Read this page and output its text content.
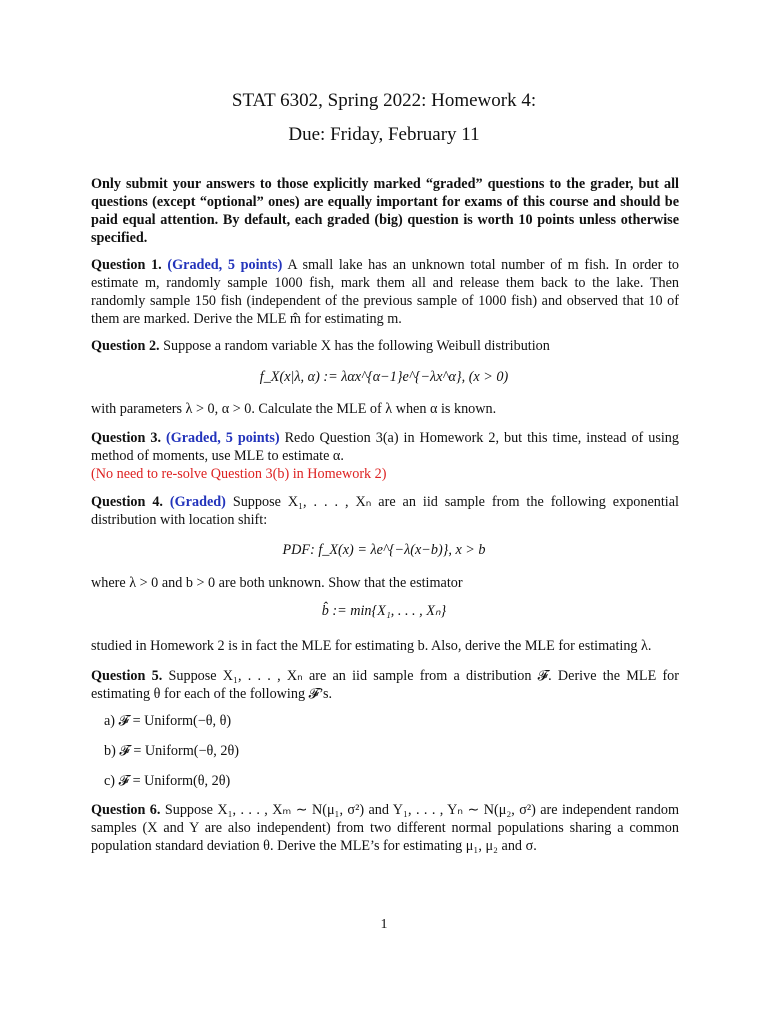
STAT 6302, Spring 2022: Homework 4:
Due: Friday, February 11
Only submit your answers to those explicitly marked “graded” questions to the grader, but all questions (except “optional” ones) are equally important for exams of this course and should be paid equal attention. By default, each graded (big) question is worth 10 points unless otherwise specified.
Question 1. (Graded, 5 points) A small lake has an unknown total number of m fish. In order to estimate m, randomly sample 1000 fish, mark them all and release them back to the lake. Then randomly sample 150 fish (independent of the previous sample of 1000 fish) and observed that 10 of them are marked. Derive the MLE m̂ for estimating m.
Question 2. Suppose a random variable X has the following Weibull distribution
f_X(x|λ, α) := λαx^{α−1}e^{−λx^α}, (x > 0)
with parameters λ > 0, α > 0. Calculate the MLE of λ when α is known.
Question 3. (Graded, 5 points) Redo Question 3(a) in Homework 2, but this time, instead of using method of moments, use MLE to estimate α.
(No need to re-solve Question 3(b) in Homework 2)
Question 4. (Graded) Suppose X₁, . . . , Xₙ are an iid sample from the following exponential distribution with location shift:
PDF: f_X(x) = λe^{−λ(x−b)}, x > b
where λ > 0 and b > 0 are both unknown. Show that the estimator
b̂ := min{X₁, . . . , Xₙ}
studied in Homework 2 is in fact the MLE for estimating b. Also, derive the MLE for estimating λ.
Question 5. Suppose X₁, . . . , Xₙ are an iid sample from a distribution 𝓕. Derive the MLE for estimating θ for each of the following 𝓕’s.
a) 𝓕 = Uniform(−θ, θ)
b) 𝓕 = Uniform(−θ, 2θ)
c) 𝓕 = Uniform(θ, 2θ)
Question 6. Suppose X₁, . . . , Xₘ ∼ N(μ₁, σ²) and Y₁, . . . , Yₙ ∼ N(μ₂, σ²) are independent random samples (X and Y are also independent) from two different normal populations sharing a common population standard deviation θ. Derive the MLE’s for estimating μ₁, μ₂ and σ.
1
